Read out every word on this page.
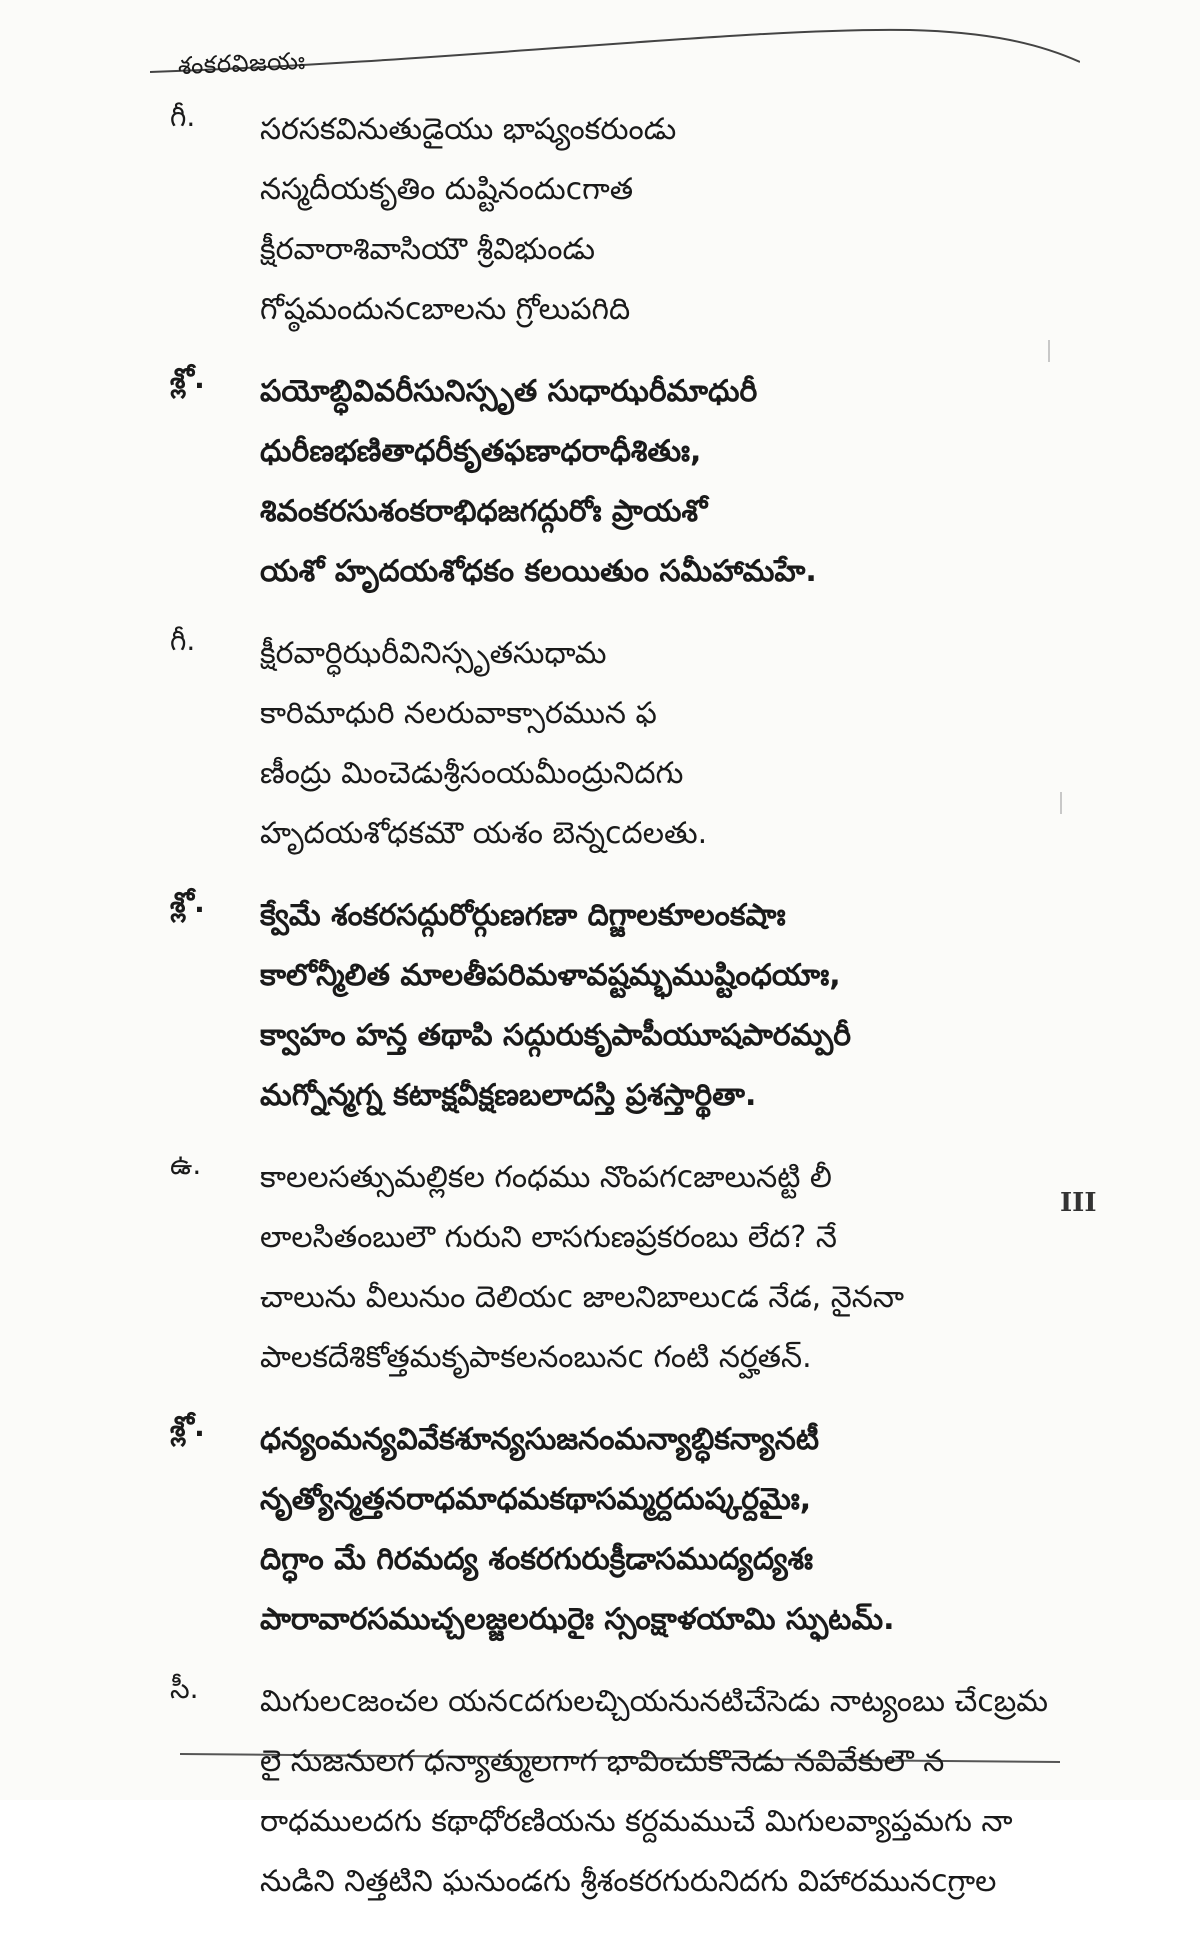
శంకరవిజయః
గీ.	సరసకవినుతుడైయు భాష్యంకరుండు
నస్మదీయకృతిం దుష్టినందుcగాత
క్షీరవారాశివాసియౌ శ్రీవిభుండు
గోష్ఠమందునcబాలను గ్రోలుపగిది
శ్లో.	పయోబ్ధివివరీసునిస్సృత సుధాఝరీమాధురీ
ధురీణభణితాధరీకృతఫణాధరాధీశితుః,
శివంకరసుశంకరాభిధజగద్గురోః ప్రాయశో
యశో హృదయశోధకం కలయితుం సమీహామహే.
గీ.	క్షీరవార్ధిఝరీవినిస్సృతసుధామ
కారిమాధురి నలరువాక్సారమున ఫ
ణీంద్రు మించెడుశ్రీసంయమీంద్రునిదగు
హృదయశోధకమౌ యశం బెన్నcదలతు.
శ్లో.	క్వేమే శంకరసద్గురోర్గుణగణా దిగ్జాలకూలంకషాః
కాలోన్మీలిత మాలతీపరిమళావష్టమ్భముష్టింధయాః,
క్వాహం హన్త తథాపి సద్గురుకృపాపీయూషపారమ్పరీ
మగ్నోన్మగ్న కటాక్షవీక్షణబలాదస్తి ప్రశస్తార్థితా.
ఉ.	కాలలసత్సుమల్లికల గంధము నొంపగcజాలునట్టి లీ
లాలసితంబులౌ గురుని లాసగుణప్రకరంబు లేద? నే
చాలును వీలునుం దెలియc జాలనిబాలుcడ నేడ, నైననా
పాలకదేశికోత్తమకృపాకలనంబునc గంటి నర్హతన్.
శ్లో.	ధన్యంమన్యవివేకశూన్యసుజనంమన్యాబ్ధికన్యానటీ
నృత్యోన్మత్తనరాధమాధమకథాసమ్మర్దదుష్కర్దమైః,
దిగ్ధాం మే గిరమద్య శంకరగురుక్రీడాసముద్యద్యశః
పారావారసముచ్చలజ్జలఝరైః స్సంక్షాళయామి స్ఫుటమ్.
సీ.	మిగులcజంచల యనcదగులచ్చియనునటిచేసెడు నాట్యంబు చేcబ్రమ
లై సుజనులగ ధన్యాత్ములగాగ భావించుకొనెడు నవివేకులౌ న
రాధములదగు కథాధోరణియను కర్దమముచే మిగులవ్యాప్తమగు నా
నుడిని నిత్తటిని ఘనుండగు శ్రీశంకరగురునిదగు విహారమునcగ్రాల
III
